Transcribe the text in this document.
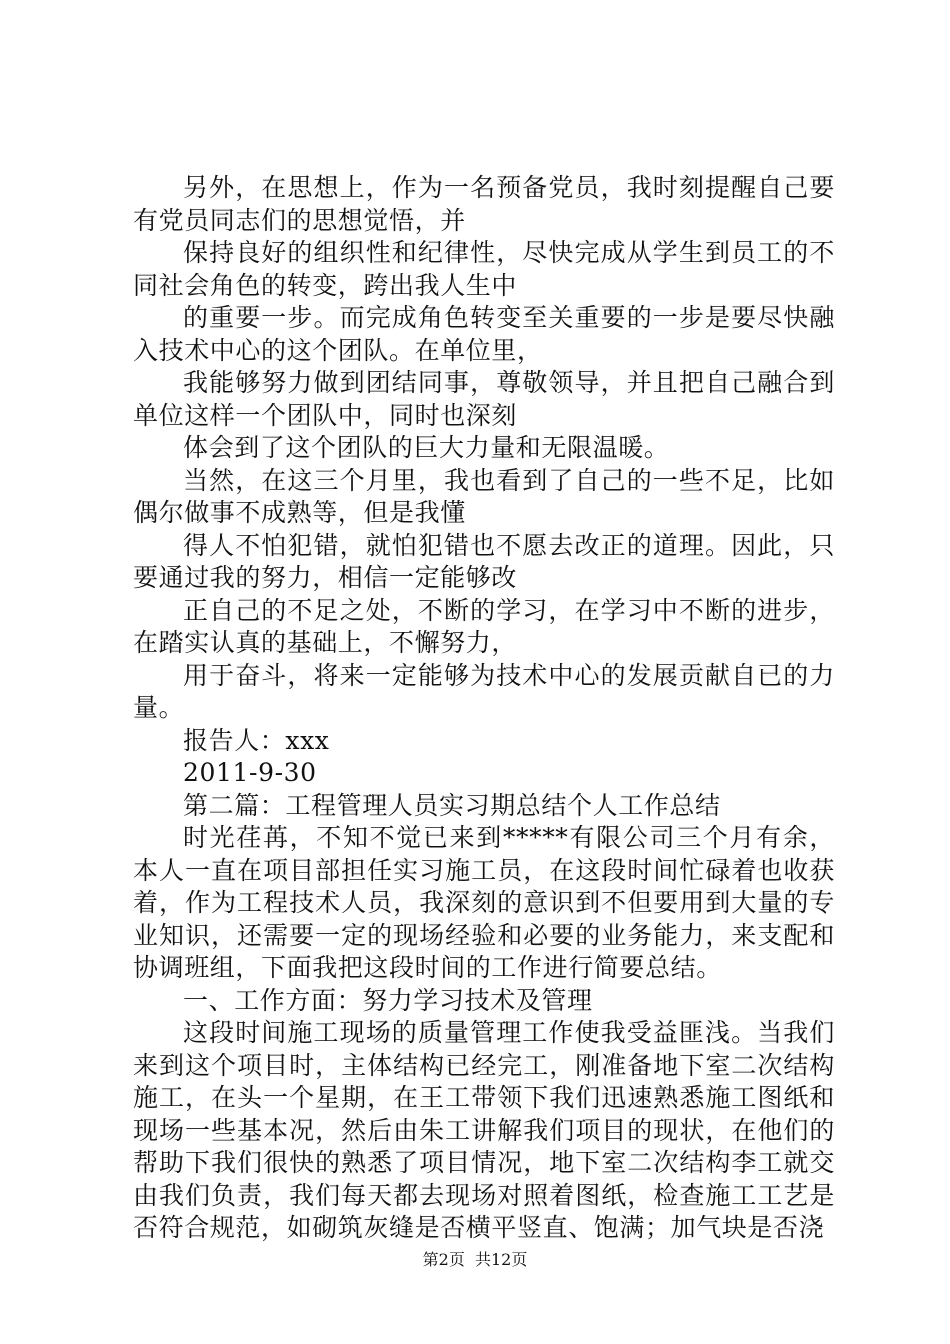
另外，在思想上，作为一名预备党员，我时刻提醒自己要有党员同志们的思想觉悟，并

保持良好的组织性和纪律性，尽快完成从学生到员工的不同社会角色的转变，跨出我人生中

的重要一步。而完成角色转变至关重要的一步是要尽快融入技术中心的这个团队。在单位里，

我能够努力做到团结同事，尊敬领导，并且把自己融合到单位这样一个团队中，同时也深刻

体会到了这个团队的巨大力量和无限温暖。

当然，在这三个月里，我也看到了自己的一些不足，比如偶尔做事不成熟等，但是我懂

得人不怕犯错，就怕犯错也不愿去改正的道理。因此，只要通过我的努力，相信一定能够改

正自己的不足之处，不断的学习，在学习中不断的进步，在踏实认真的基础上，不懈努力，

用于奋斗，将来一定能够为技术中心的发展贡献自已的力量。

报告人：xxx

2011-9-30

第二篇：工程管理人员实习期总结个人工作总结

时光荏苒，不知不觉已来到*****有限公司三个月有余，本人一直在项目部担任实习施工员，在这段时间忙碌着也收获着，作为工程技术人员，我深刻的意识到不但要用到大量的专业知识，还需要一定的现场经验和必要的业务能力，来支配和协调班组，下面我把这段时间的工作进行简要总结。

一、工作方面：努力学习技术及管理

这段时间施工现场的质量管理工作使我受益匪浅。当我们来到这个项目时，主体结构已经完工，刚准备地下室二次结构施工，在头一个星期，在王工带领下我们迅速熟悉施工图纸和现场一些基本况，然后由朱工讲解我们项目的现状，在他们的帮助下我们很快的熟悉了项目情况，地下室二次结构李工就交由我们负责，我们每天都去现场对照着图纸，检查施工工艺是否符合规范，如砌筑灰缝是否横平竖直、饱满；加气块是否浇

第2页  共12页
